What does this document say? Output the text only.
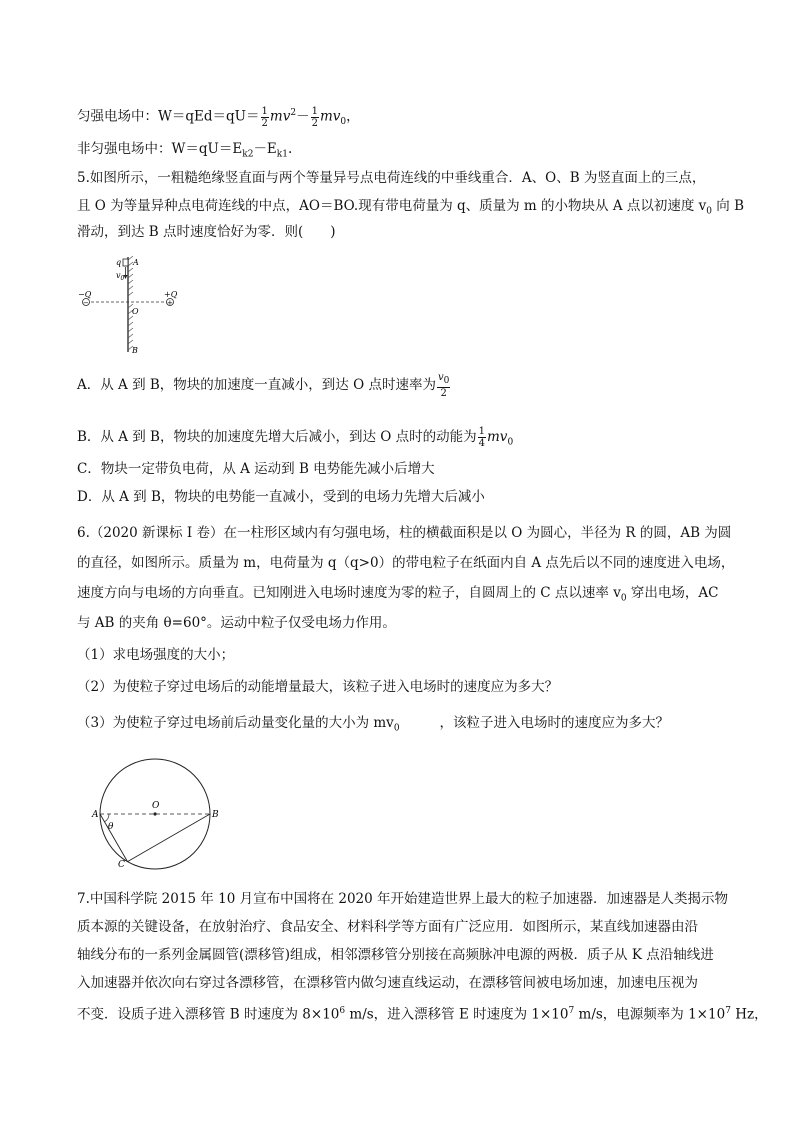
匀强电场中：$W=qEd=qU= \frac{1}{2} mv^2- \frac{1}{2} mv_0$，
非匀强电场中：$W=qU=E_{k2}-E_{k1}$.
5.如图所示，一粗糙绝缘竖直面与两个等量异号点电荷连线的中垂线重合．A、O、B 为竖直面上的三点，
且 O 为等量异种点电荷连线的中点，AO＝BO.现有带电荷量为 q、质量为 m 的小物块从 A 点以初速度 $v_0$ 向 B
滑动，到达 B 点时速度恰好为零．则(　　)
q
$v_0$
A
O
B
−
−Q
+
+Q
A．从 A 到 B，物块的加速度一直减小，到达 O 点时速率为 $\frac{v_0}{2}$
B．从 A 到 B，物块的加速度先增大后减小，到达 O 点时的动能为 $\frac{1}{4} mv_0$
C．物块一定带负电荷，从 A 运动到 B 电势能先减小后增大
D．从 A 到 B，物块的电势能一直减小，受到的电场力先增大后减小
6.（2020 新课标 I 卷）在一柱形区域内有匀强电场，柱的横截面积是以 O 为圆心，半径为 R 的圆，AB 为圆
的直径，如图所示。质量为 m，电荷量为 q（q>0）的带电粒子在纸面内自 A 点先后以不同的速度进入电场，
速度方向与电场的方向垂直。已知刚进入电场时速度为零的粒子，自圆周上的 C 点以速率 $v_0$ 穿出电场，AC
与 AB 的夹角 θ=60°。运动中粒子仅受电场力作用。
（1）求电场强度的大小；
（2）为使粒子穿过电场后的动能增量最大，该粒子进入电场时的速度应为多大？
（3）为使粒子穿过电场前后动量变化量的大小为 $mv_0$	，该粒子进入电场时的速度应为多大？
O
A	B
C
θ
7.中国科学院 2015 年 10 月宣布中国将在 2020 年开始建造世界上最大的粒子加速器．加速器是人类揭示物
质本源的关键设备，在放射治疗、食品安全、材料科学等方面有广泛应用．如图所示，某直线加速器由沿
轴线分布的一系列金属圆管(漂移管)组成，相邻漂移管分别接在高频脉冲电源的两极．质子从 K 点沿轴线进
入加速器并依次向右穿过各漂移管，在漂移管内做匀速直线运动，在漂移管间被电场加速，加速电压视为
不变．设质子进入漂移管 B 时速度为 $8\times 10^6$ m/s，进入漂移管 E 时速度为 $1\times 10^7$ m/s，电源频率为 $1\times 10^7$ Hz，
